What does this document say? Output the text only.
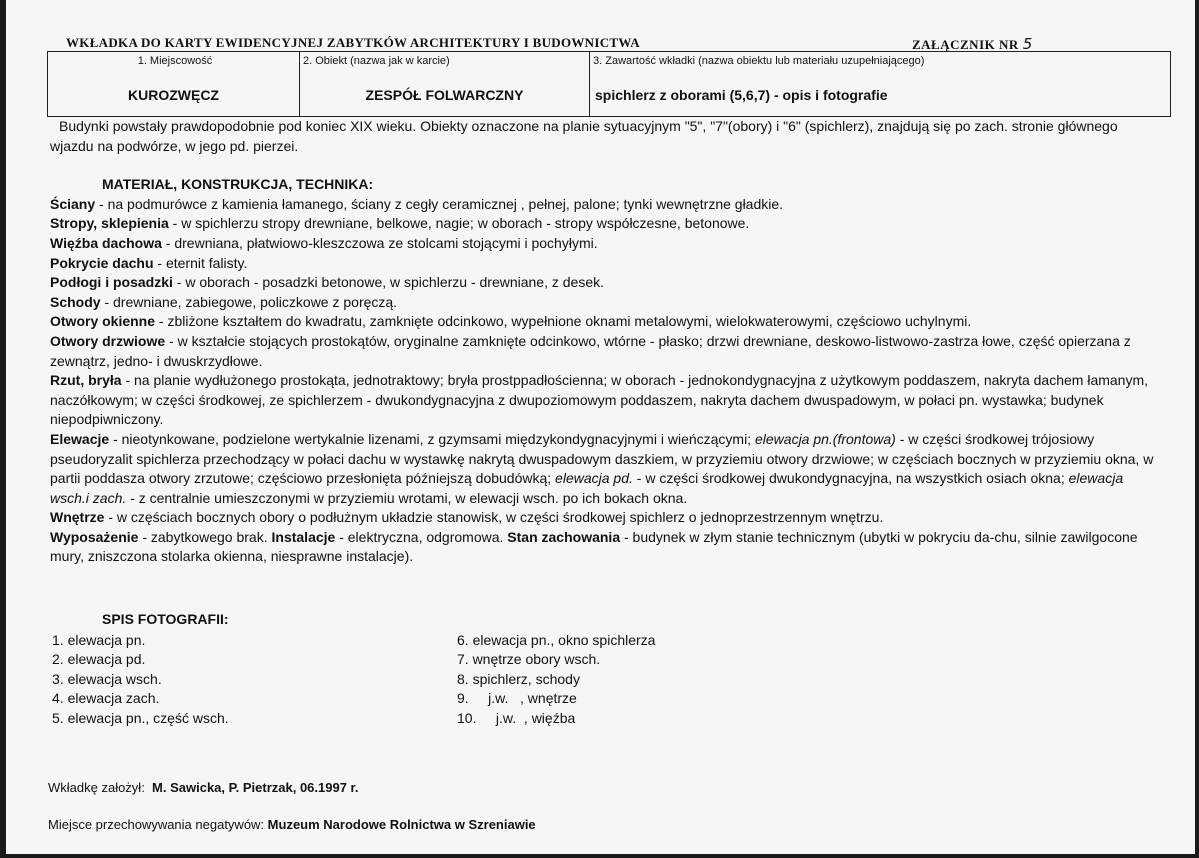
WKŁADKA DO KARTY EWIDENCYJNEJ ZABYTKÓW ARCHITEKTURY I BUDOWNICTWA	ZAŁĄCZNIK NR 5
1. Miejscowość
KUROZWĘCZ

2. Obiekt (nazwa jak w karcie)
ZESPÓŁ FOLWARCZNY

3. Zawartość wkładki (nazwa obiektu lub materiału uzupełniającego)
spichlerz z oborami (5,6,7) - opis i fotografie

Budynki powstały prawdopodobnie pod koniec XIX wieku. Obiekty oznaczone na planie sytuacyjnym "5", "7"(obory) i "6" (spichlerz), znajdują się po zach. stronie głównego wjazdu na podwórze, w jego pd. pierzei.

MATERIAŁ, KONSTRUKCJA, TECHNIKA:

Ściany - na podmurówce z kamienia łamanego, ściany z cegły ceramicznej , pełnej, palone; tynki wewnętrzne gładkie.

Stropy, sklepienia - w spichlerzu stropy drewniane, belkowe, nagie; w oborach - stropy współczesne, betonowe.

Więźba dachowa - drewniana, płatwiowo-kleszczowa ze stolcami stojącymi i pochyłymi.

Pokrycie dachu - eternit falisty.

Podłogi i posadzki - w oborach - posadzki betonowe, w spichlerzu - drewniane, z desek.

Schody - drewniane, zabiegowe, policzkowe z poręczą.

Otwory okienne - zbliżone kształtem do kwadratu, zamknięte odcinkowo, wypełnione oknami metalowymi, wielokwaterowymi, częściowo uchylnymi.

Otwory drzwiowe - w kształcie stojących prostokątów, oryginalne zamknięte odcinkowo, wtórne - płasko; drzwi drewniane, deskowo-listwowo-zastrza łowe, część opierzana z zewnątrz, jedno- i dwuskrzydłowe.

Rzut, bryła - na planie wydłużonego prostokąta, jednotraktowy; bryła prostppadłościenna; w oborach - jednokondygnacyjna z użytkowym poddaszem, nakryta dachem łamanym, naczółkowym; w części środkowej, ze spichlerzem - dwukondygnacyjna z dwupoziomowym poddaszem, nakryta dachem dwuspadowym, w połaci pn. wystawka; budynek niepodpiwniczony.

Elewacje - nieotynkowane, podzielone wertykalnie lizenami, z gzymsami międzykondygnacyjnymi i wieńczącymi; elewacja pn.(frontowa) - w części środkowej trójosiowy pseudoryzalit spichlerza przechodzący w połaci dachu w wystawkę nakrytą dwuspadowym daszkiem, w przyziemiu otwory drzwiowe; w częściach bocznych w przyziemiu okna, w partii poddasza otwory zrzutowe; częściowo przesłonięta późniejszą dobudówką; elewacja pd. - w części środkowej dwukondygnacyjna, na wszystkich osiach okna; elewacja wsch.i zach. - z centralnie umieszczonymi w przyziemiu wrotami, w elewacji wsch. po ich bokach okna.

Wnętrze - w częściach bocznych obory o podłużnym układzie stanowisk, w części środkowej spichlerz o jednoprzestrzennym wnętrzu.

Wyposażenie - zabytkowego brak. Instalacje - elektryczna, odgromowa. Stan zachowania - budynek w złym stanie technicznym (ubytki w pokryciu da-chu, silnie zawilgocone mury, zniszczona stolarka okienna, niesprawne instalacje).

SPIS FOTOGRAFII:
1. elewacja pn.
2. elewacja pd.
3. elewacja wsch.
4. elewacja zach.
5. elewacja pn., część wsch.
6. elewacja pn., okno spichlerza
7. wnętrze obory wsch.
8. spichlerz, schody
9.     j.w.   , wnętrze
10.     j.w.  , więźba
Wkładkę założył: M. Sawicka, P. Pietrzak, 06.1997 r.
Miejsce przechowywania negatywów: Muzeum Narodowe Rolnictwa w Szreniawie
